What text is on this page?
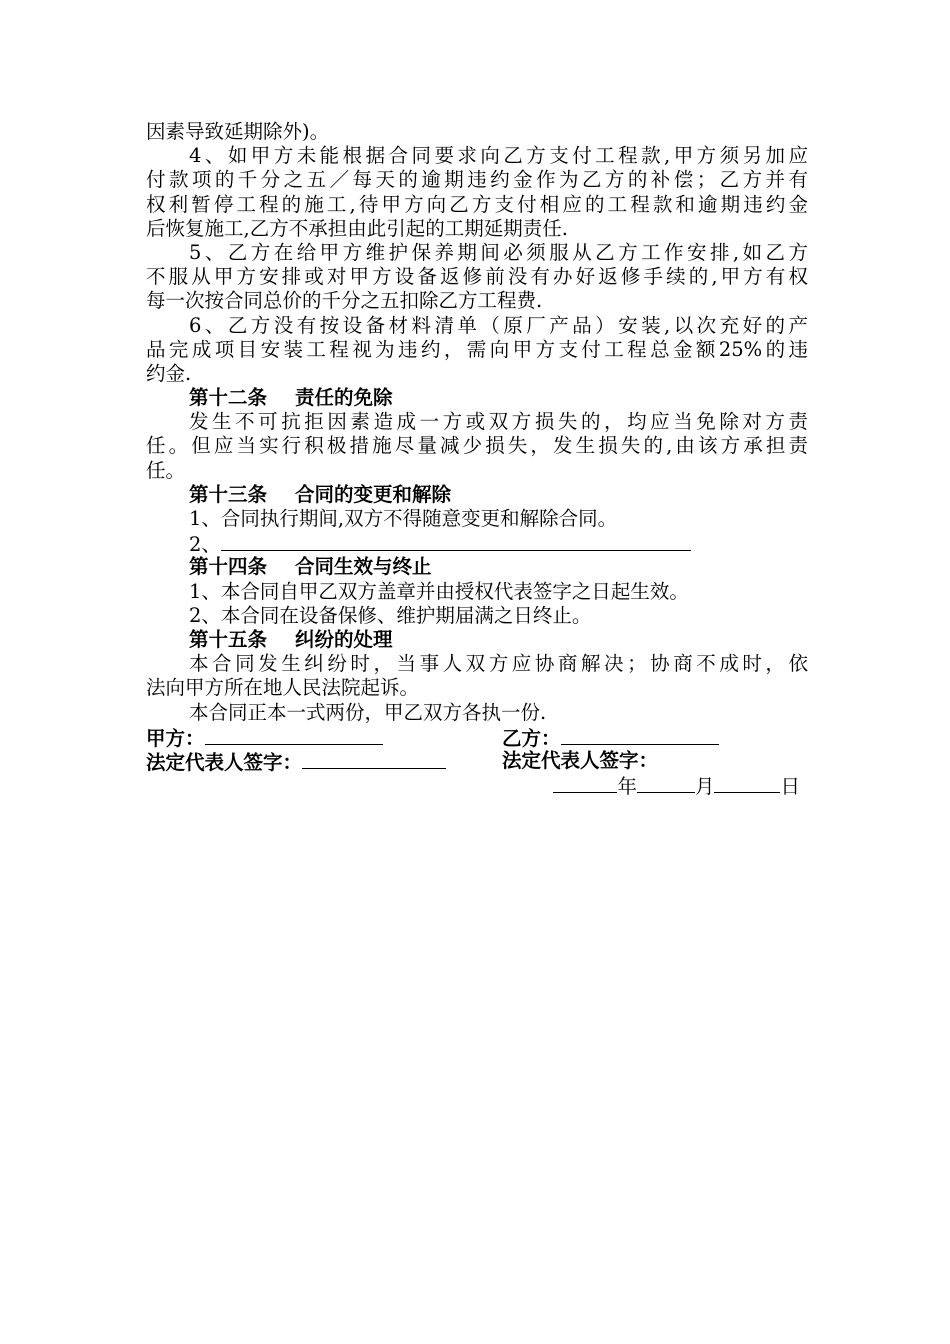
因素导致延期除外)。
4、如甲方未能根据合同要求向乙方支付工程款,甲方须另加应
付款项的千分之五／每天的逾期违约金作为乙方的补偿；乙方并有
权利暂停工程的施工,待甲方向乙方支付相应的工程款和逾期违约金
后恢复施工,乙方不承担由此引起的工期延期责任.
5、乙方在给甲方维护保养期间必须服从乙方工作安排,如乙方
不服从甲方安排或对甲方设备返修前没有办好返修手续的,甲方有权
每一次按合同总价的千分之五扣除乙方工程费.
6、乙方没有按设备材料清单（原厂产品）安装,以次充好的产
品完成项目安装工程视为违约，需向甲方支付工程总金额25%的违
约金.
第十二条 责任的免除
发生不可抗拒因素造成一方或双方损失的，均应当免除对方责
任。但应当实行积极措施尽量减少损失，发生损失的,由该方承担责
任。
第十三条 合同的变更和解除
1、合同执行期间,双方不得随意变更和解除合同。
2、
第十四条 合同生效与终止
1、本合同自甲乙双方盖章并由授权代表签字之日起生效。
2、本合同在设备保修、维护期届满之日终止。
第十五条 纠纷的处理
本合同发生纠纷时，当事人双方应协商解决；协商不成时，依
法向甲方所在地人民法院起诉。
本合同正本一式两份，甲乙双方各执一份.
甲方：	乙方：
法定代表人签字：	法定代表人签字：
年	月	日
